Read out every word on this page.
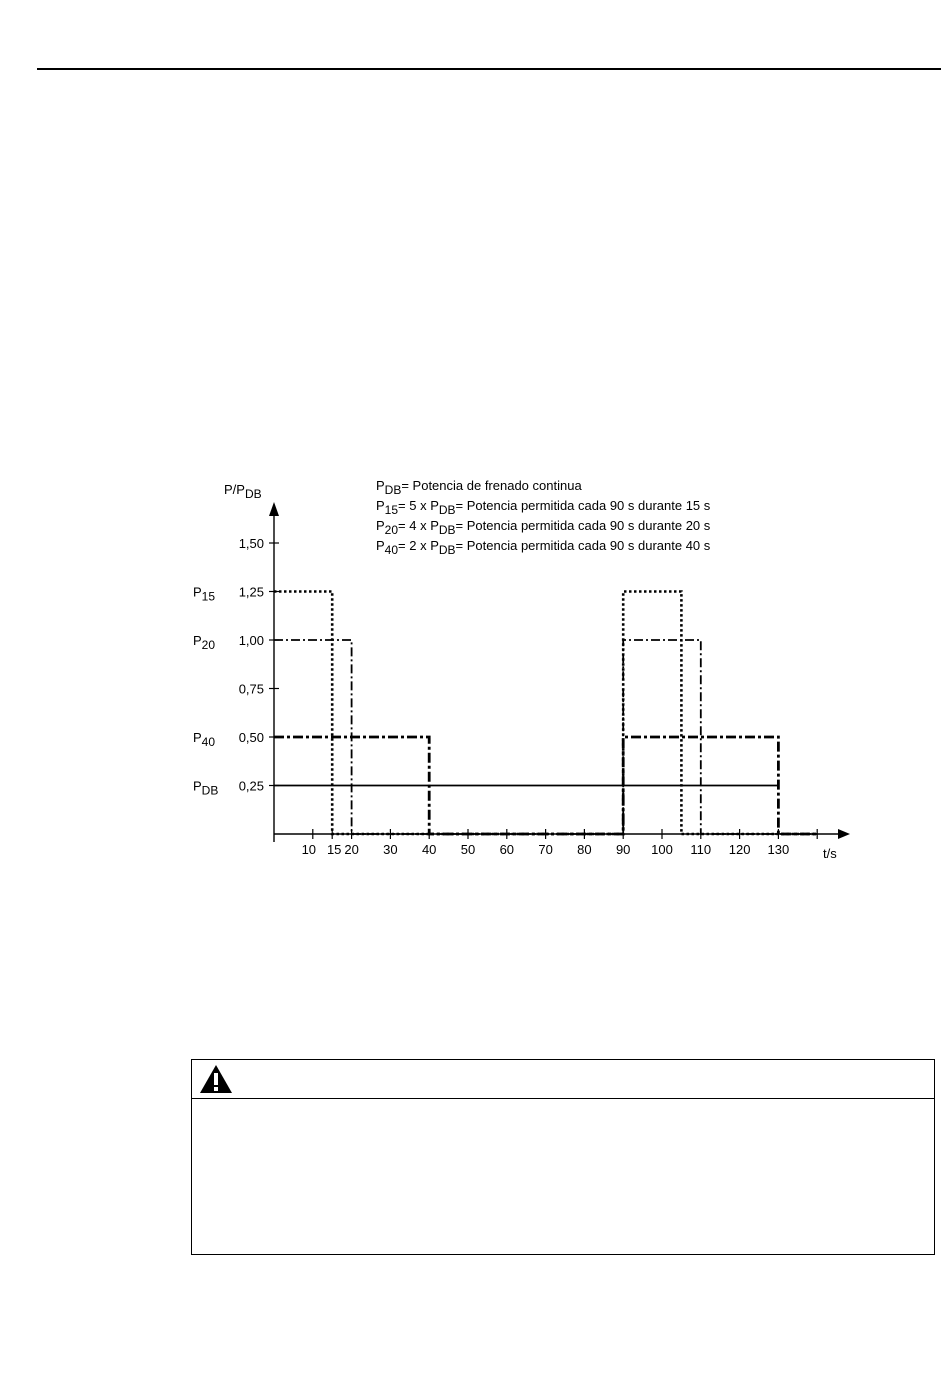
PDB= Potencia de frenado continua
P15= 5 x PDB= Potencia permitida cada 90 s durante 15 s
P20= 4 x PDB= Potencia permitida cada 90 s durante 20 s
P40= 2 x PDB= Potencia permitida cada 90 s durante 40 s
10 15 20 30 40 50 60 70 80 90 100 110 120 130
0,25
PDB
0,50
P40
0,75
1,00
P20
1,25
P15
1,50
P/PDB
t/s
